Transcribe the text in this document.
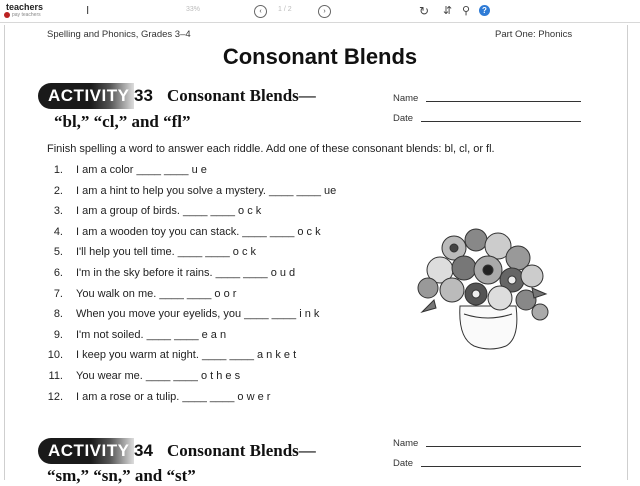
teachers
pay teachers	Ⅰ	33%	‹	1 / 2	›	↻ ⇵ ⚲	?
Spelling and Phonics, Grades 3–4	Part One: Phonics
Consonant Blends
ACTIVITY 33 Consonant Blends—
“bl,” “cl,” and “fl”
Name
Date
Finish spelling a word to answer each riddle. Add one of these consonant blends: bl, cl, or fl.
1. I am a color ____ ____ u e
2. I am a hint to help you solve a mystery. ____ ____ ue
3. I am a group of birds. ____ ____ o c k
4. I am a wooden toy you can stack. ____ ____ o c k
5. I'll help you tell time. ____ ____ o c k
6. I'm in the sky before it rains. ____ ____ o u d
7. You walk on me. ____ ____ o o r
8. When you move your eyelids, you ____ ____ i n k
9. I'm not soiled. ____ ____ e a n
10. I keep you warm at night. ____ ____ a n k e t
11. You wear me. ____ ____ o t h e s
12. I am a rose or a tulip. ____ ____ o w e r
ACTIVITY 34 Consonant Blends—
“sm,” “sn,” and “st”
Name
Date
